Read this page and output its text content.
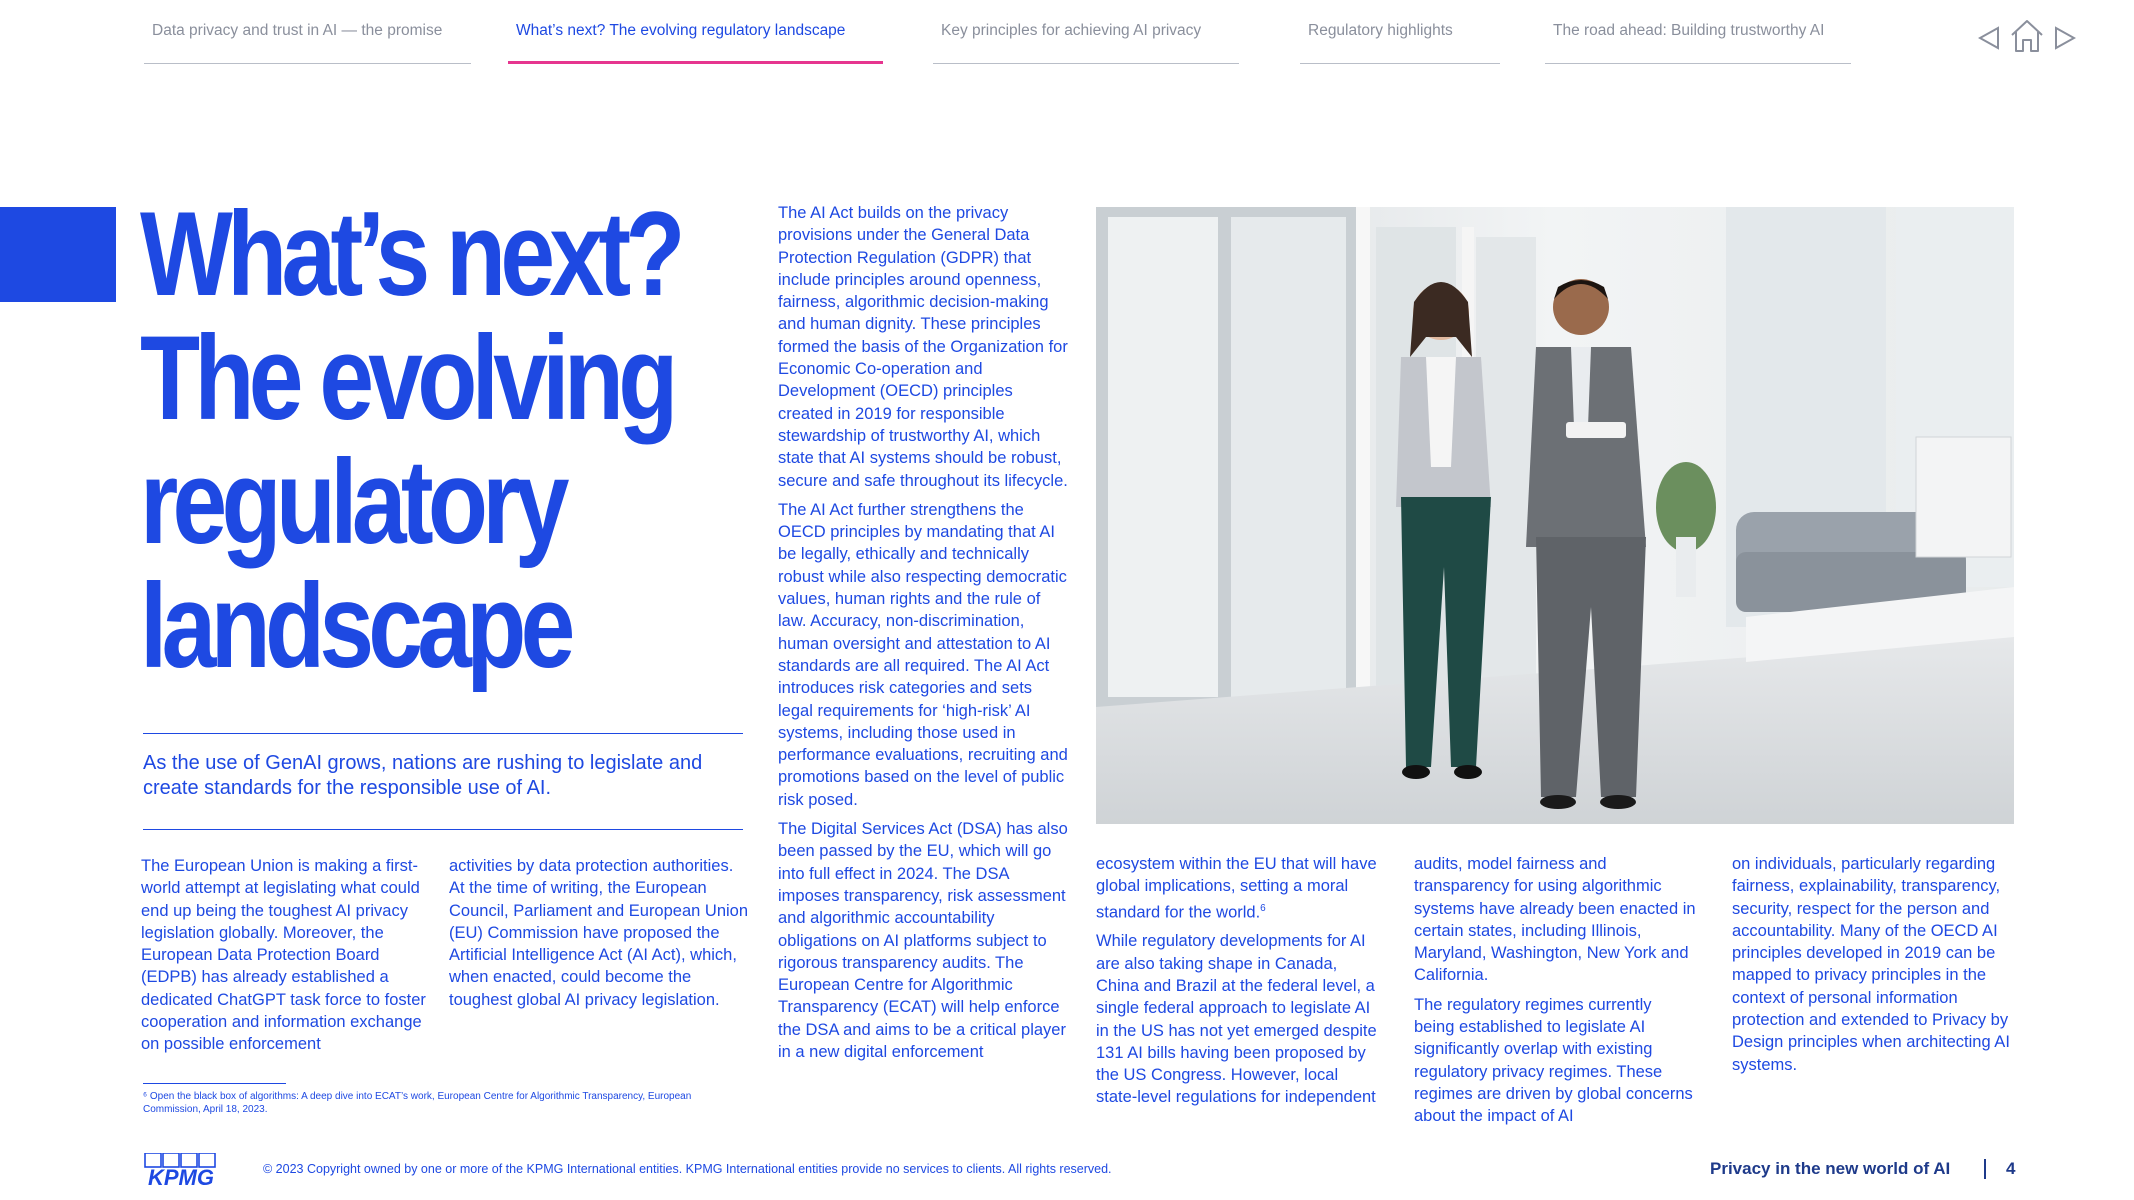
Data privacy and trust in AI — the promise	What’s next? The evolving regulatory landscape	Key principles for achieving AI privacy	Regulatory highlights	The road ahead: Building trustworthy AI
What’s next?
The evolving
regulatory
landscape
As the use of GenAI grows, nations are rushing to legislate and create standards for the responsible use of AI.

The European Union is making a first-world attempt at legislating what could end up being the toughest AI privacy legislation globally. Moreover, the European Data Protection Board (EDPB) has already established a dedicated ChatGPT task force to foster cooperation and information exchange on possible enforcement

activities by data protection authorities. At the time of writing, the European Council, Parliament and European Union (EU) Commission have proposed the Artificial Intelligence Act (AI Act), which, when enacted, could become the toughest global AI privacy legislation.

The AI Act builds on the privacy provisions under the General Data Protection Regulation (GDPR) that include principles around openness, fairness, algorithmic decision-making and human dignity. These principles formed the basis of the Organization for Economic Co-operation and Development (OECD) principles created in 2019 for responsible stewardship of trustworthy AI, which state that AI systems should be robust, secure and safe throughout its lifecycle.

The AI Act further strengthens the OECD principles by mandating that AI be legally, ethically and technically robust while also respecting democratic values, human rights and the rule of law. Accuracy, non-discrimination, human oversight and attestation to AI standards are all required. The AI Act introduces risk categories and sets legal requirements for ‘high-risk’ AI systems, including those used in performance evaluations, recruiting and promotions based on the level of public risk posed.

The Digital Services Act (DSA) has also been passed by the EU, which will go into full effect in 2024. The DSA imposes transparency, risk assessment and algorithmic accountability obligations on AI platforms subject to rigorous transparency audits. The European Centre for Algorithmic Transparency (ECAT) will help enforce the DSA and aims to be a critical player in a new digital enforcement

ecosystem within the EU that will have global implications, setting a moral standard for the world.$^6$

While regulatory developments for AI are also taking shape in Canada, China and Brazil at the federal level, a single federal approach to legislate AI in the US has not yet emerged despite 131 AI bills having been proposed by the US Congress. However, local state-level regulations for independent

audits, model fairness and transparency for using algorithmic systems have already been enacted in certain states, including Illinois, Maryland, Washington, New York and California.

The regulatory regimes currently being established to legislate AI significantly overlap with existing regulatory privacy regimes. These regimes are driven by global concerns about the impact of AI

on individuals, particularly regarding fairness, explainability, transparency, security, respect for the person and accountability. Many of the OECD AI principles developed in 2019 can be mapped to privacy principles in the context of personal information protection and extended to Privacy by Design principles when architecting AI systems.

⁶ Open the black box of algorithms: A deep dive into ECAT’s work, European Centre for Algorithmic Transparency, European Commission, April 18, 2023.
KPMG	© 2023 Copyright owned by one or more of the KPMG International entities. KPMG International entities provide no services to clients. All rights reserved.	Privacy in the new world of AI	4
